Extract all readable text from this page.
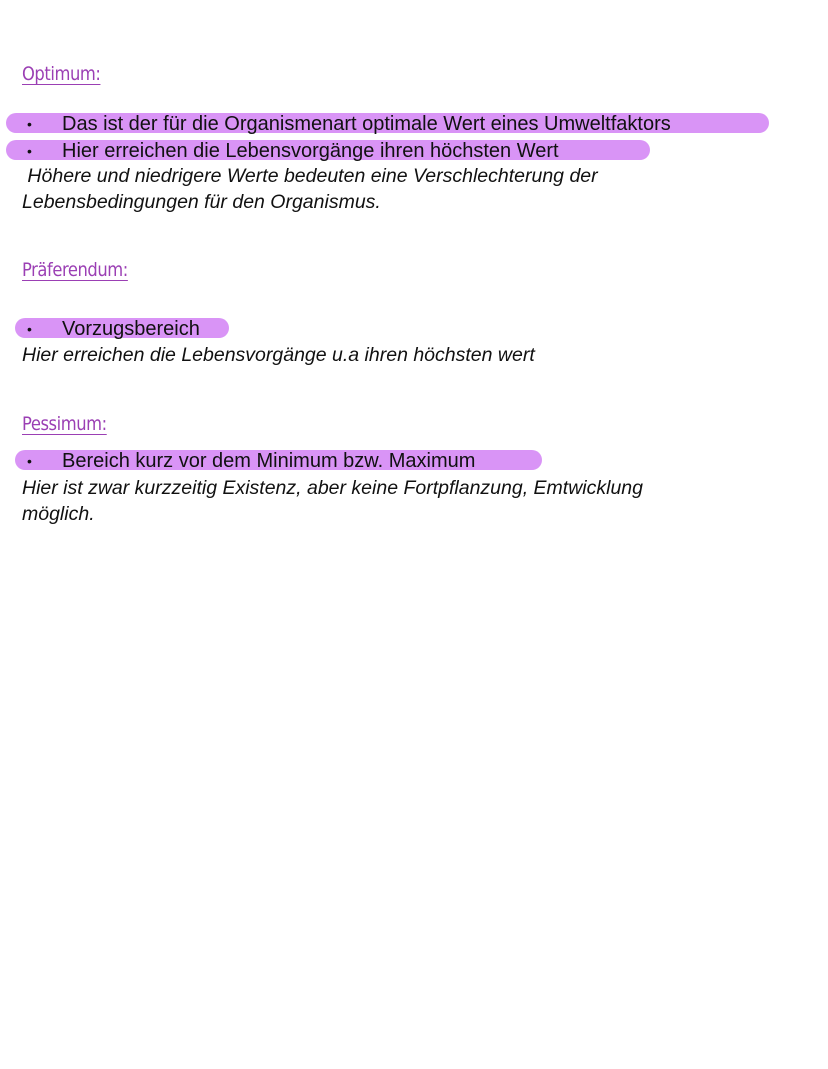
Optimum:
• Das ist der für die Organismenart optimale Wert eines Umweltfaktors
• Hier erreichen die Lebensvorgänge ihren höchsten Wert

Höhere und niedrigere Werte bedeuten eine Verschlechterung der

Lebensbedingungen für den Organismus.

Präferendum:
• Vorzugsbereich

Hier erreichen die Lebensvorgänge u.a ihren höchsten wert

Pessimum:
• Bereich kurz vor dem Minimum bzw. Maximum

Hier ist zwar kurzzeitig Existenz, aber keine Fortpflanzung, Emtwicklung

möglich.
